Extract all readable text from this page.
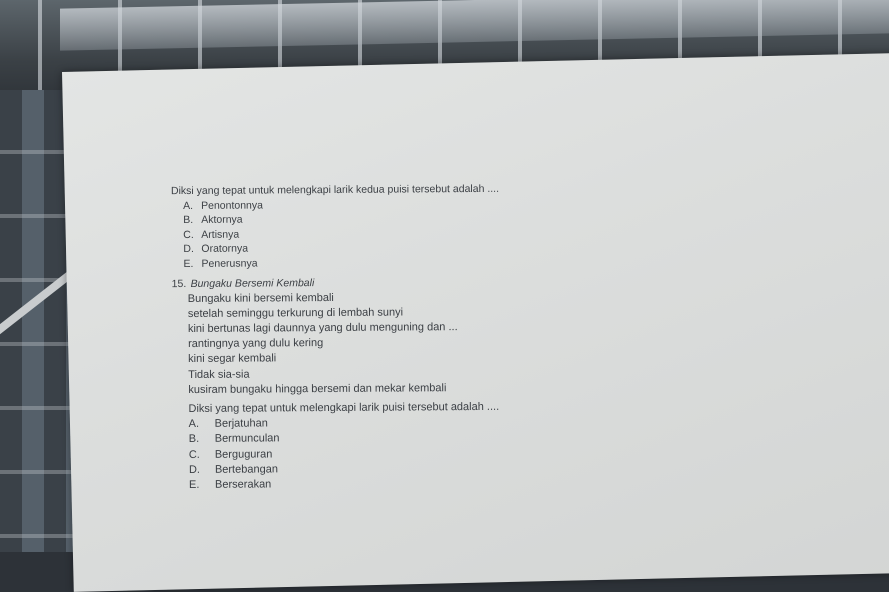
Diksi yang tepat untuk melengkapi larik kedua puisi tersebut adalah ....
A. Penontonnya
B. Aktornya
C. Artisnya
D. Oratornya
E. Penerusnya
15. Bungaku Bersemi Kembali
Bungaku kini bersemi kembali
setelah seminggu terkurung di lembah sunyi
kini bertunas lagi daunnya yang dulu menguning dan ...
rantingnya yang dulu kering
kini segar kembali
Tidak sia-sia
kusiram bungaku hingga bersemi dan mekar kembali
Diksi yang tepat untuk melengkapi larik puisi tersebut adalah ....
A.	Berjatuhan
B.	Bermunculan
C.	Berguguran
D.	Bertebangan
E.	Berserakan
